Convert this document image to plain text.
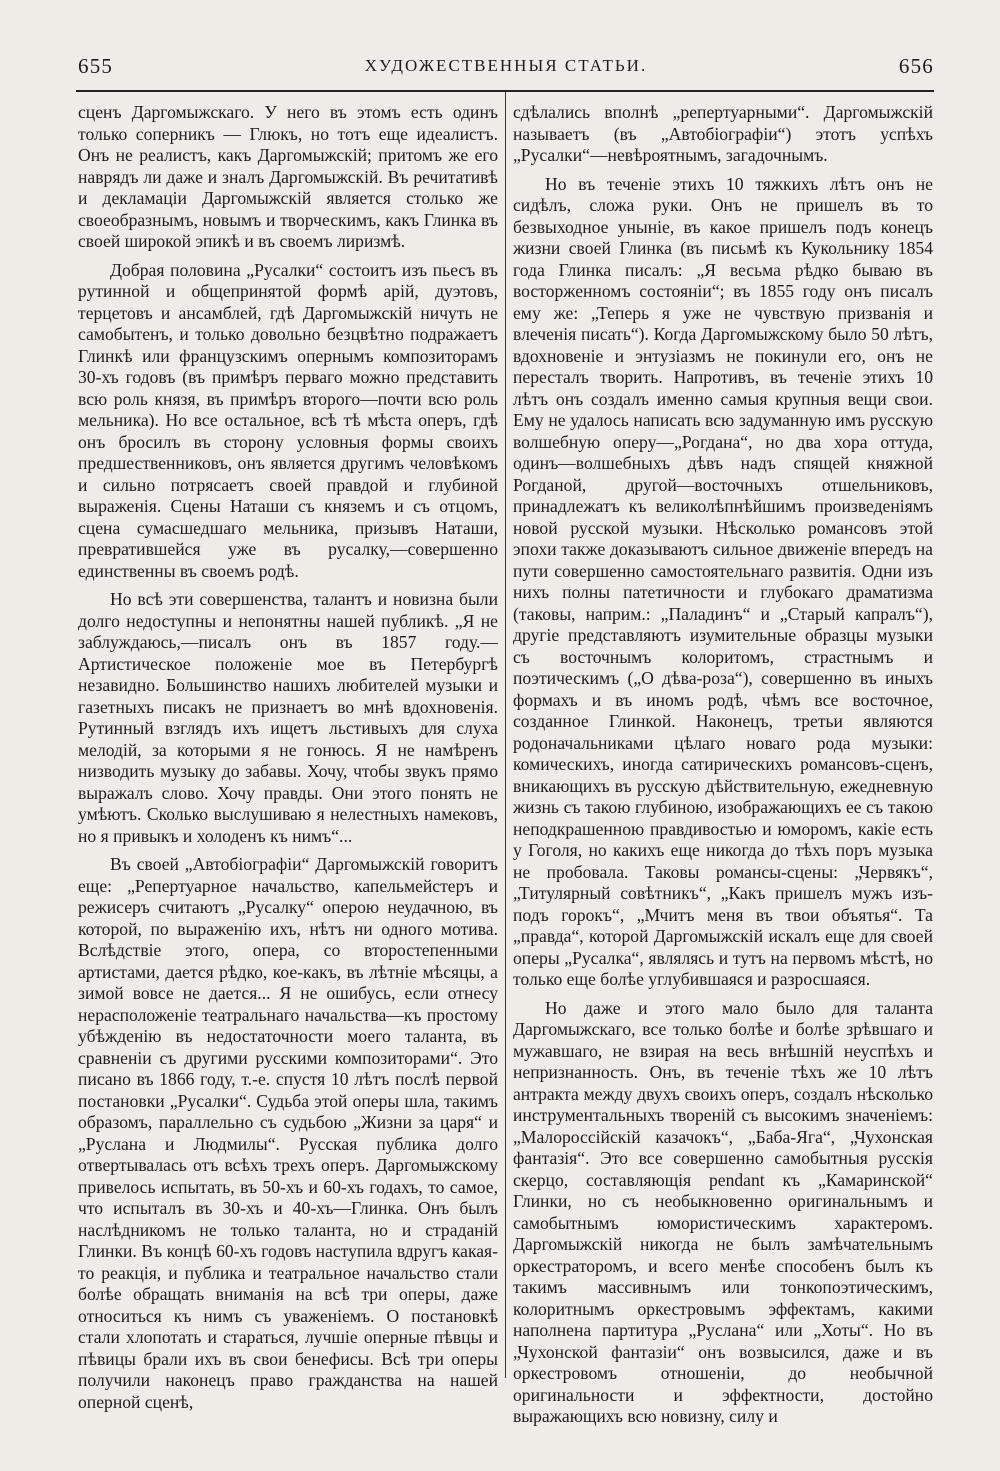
655	ХУДОЖЕСТВЕННЫЯ СТАТЬИ.	656

сценъ Даргомыжскаго. У него въ этомъ есть одинъ только соперникъ — Глюкъ, но тотъ еще идеалистъ. Онъ не реалистъ, какъ Даргомыжскій; притомъ же его наврядъ ли даже и зналъ Даргомыжскій. Въ речитативѣ и декламаціи Даргомыжскій является столько же своеобразнымъ, новымъ и творческимъ, какъ Глинка въ своей широкой эпикѣ и въ своемъ лиризмѣ.

Добрая половина „Русалки“ состоитъ изъ пьесъ въ рутинной и общепринятой формѣ арій, дуэтовъ, терцетовъ и ансамблей, гдѣ Даргомыжскій ничуть не самобытенъ, и только довольно безцвѣтно подражаетъ Глинкѣ или французскимъ опернымъ композиторамъ 30-хъ годовъ (въ примѣръ перваго можно представить всю роль князя, въ примѣръ второго—почти всю роль мельника). Но все остальное, всѣ тѣ мѣста оперъ, гдѣ онъ бросилъ въ сторону условныя формы своихъ предшественниковъ, онъ является другимъ человѣкомъ и сильно потрясаетъ своей правдой и глубиной выраженія. Сцены Наташи съ княземъ и съ отцомъ, сцена сумасшедшаго мельника, призывъ Наташи, превратившейся уже въ русалку,—совершенно единственны въ своемъ родѣ.

Но всѣ эти совершенства, талантъ и новизна были долго недоступны и непонятны нашей публикѣ. „Я не заблуждаюсь,—писалъ онъ въ 1857 году.— Артистическое положеніе мое въ Петербургѣ незавидно. Большинство нашихъ любителей музыки и газетныхъ писакъ не признаетъ во мнѣ вдохновенія. Рутинный взглядъ ихъ ищетъ льстивыхъ для слуха мелодій, за которыми я не гонюсь. Я не намѣренъ низводить музыку до забавы. Хочу, чтобы звукъ прямо выражалъ слово. Хочу правды. Они этого понять не умѣютъ. Сколько выслушиваю я нелестныхъ намековъ, но я привыкъ и холоденъ къ нимъ“...

Въ своей „Автобіографіи“ Даргомыжскій говоритъ еще: „Репертуарное начальство, капельмейстеръ и режисеръ считаютъ „Русалку“ оперою неудачною, въ которой, по выраженію ихъ, нѣтъ ни одного мотива. Вслѣдствіе этого, опера, со второстепенными артистами, дается рѣдко, кое-какъ, въ лѣтніе мѣсяцы, а зимой вовсе не дается... Я не ошибусь, если отнесу нерасположеніе театральнаго начальства—къ простому убѣжденію въ недостаточности моего таланта, въ сравненіи съ другими русскими композиторами“. Это писано въ 1866 году, т.-е. спустя 10 лѣтъ послѣ первой постановки „Русалки“. Судьба этой оперы шла, такимъ образомъ, параллельно съ судьбою „Жизни за царя“ и „Руслана и Людмилы“. Русская публика долго отвертывалась отъ всѣхъ трехъ оперъ. Даргомыжскому привелось испытать, въ 50-хъ и 60-хъ годахъ, то самое, что испыталъ въ 30-хъ и 40-хъ—Глинка. Онъ былъ наслѣдникомъ не только таланта, но и страданій Глинки. Въ концѣ 60-хъ годовъ наступила вдругъ какая-то реакція, и публика и театральное начальство стали болѣе обращать вниманія на всѣ три оперы, даже относиться къ нимъ съ уваженіемъ. О постановкѣ стали хлопотать и стараться, лучшіе оперные пѣвцы и пѣвицы брали ихъ въ свои бенефисы. Всѣ три оперы получили наконецъ право гражданства на нашей оперной сценѣ,

сдѣлались вполнѣ „репертуарными“. Даргомыжскій называетъ (въ „Автобіографіи“) этотъ успѣхъ „Русалки“—невѣроятнымъ, загадочнымъ.

Но въ теченіе этихъ 10 тяжкихъ лѣтъ онъ не сидѣлъ, сложа руки. Онъ не пришелъ въ то безвыходное уныніе, въ какое пришелъ подъ конецъ жизни своей Глинка (въ письмѣ къ Кукольнику 1854 года Глинка писалъ: „Я весьма рѣдко бываю въ восторженномъ состояніи“; въ 1855 году онъ писалъ ему же: „Теперь я уже не чувствую призванія и влеченія писать“). Когда Даргомыжскому было 50 лѣтъ, вдохновеніе и энтузіазмъ не покинули его, онъ не пересталъ творить. Напротивъ, въ теченіе этихъ 10 лѣтъ онъ создалъ именно самыя крупныя вещи свои. Ему не удалось написать всю задуманную имъ русскую волшебную оперу—„Рогдана“, но два хора оттуда, одинъ—волшебныхъ дѣвъ надъ спящей княжной Рогданой, другой—восточныхъ отшельниковъ, принадлежатъ къ великолѣпнѣйшимъ произведеніямъ новой русской музыки. Нѣсколько романсовъ этой эпохи также доказываютъ сильное движеніе впередъ на пути совершенно самостоятельнаго развитія. Одни изъ нихъ полны патетичности и глубокаго драматизма (таковы, наприм.: „Паладинъ“ и „Старый капралъ“), другіе представляютъ изумительные образцы музыки съ восточнымъ колоритомъ, страстнымъ и поэтическимъ („О дѣва-роза“), совершенно въ иныхъ формахъ и въ иномъ родѣ, чѣмъ все восточное, созданное Глинкой. Наконецъ, третьи являются родоначальниками цѣлаго новаго рода музыки: комическихъ, иногда сатирическихъ романсовъ-сценъ, вникающихъ въ русскую дѣйствительную, ежедневную жизнь съ такою глубиною, изображающихъ ее съ такою неподкрашенною правдивостью и юморомъ, какіе есть у Гоголя, но какихъ еще никогда до тѣхъ поръ музыка не пробовала. Таковы романсы-сцены: „Червякъ“, „Титулярный совѣтникъ“, „Какъ пришелъ мужъ изъ-подъ горокъ“, „Мчитъ меня въ твои объятья“. Та „правда“, которой Даргомыжскій искалъ еще для своей оперы „Русалка“, являлясь и тутъ на первомъ мѣстѣ, но только еще болѣе углубившаяся и разросшаяся.

Но даже и этого мало было для таланта Даргомыжскаго, все только болѣе и болѣе зрѣвшаго и мужавшаго, не взирая на весь внѣшній неуспѣхъ и непризнанность. Онъ, въ теченіе тѣхъ же 10 лѣтъ антракта между двухъ своихъ оперъ, создалъ нѣсколько инструментальныхъ твореній съ высокимъ значеніемъ: „Малороссійскій казачокъ“, „Баба-Яга“, „Чухонская фантазія“. Это все совершенно самобытныя русскія скерцо, составляющія pendant къ „Камаринской“ Глинки, но съ необыкновенно оригинальнымъ и самобытнымъ юмористическимъ характеромъ. Даргомыжскій никогда не былъ замѣчательнымъ оркестраторомъ, и всего менѣе способенъ былъ къ такимъ массивнымъ или тонкопоэтическимъ, колоритнымъ оркестровымъ эффектамъ, какими наполнена партитура „Руслана“ или „Хоты“. Но въ „Чухонской фантазіи“ онъ возвысился, даже и въ оркестровомъ отношеніи, до необычной оригинальности и эффектности, достойно выражающихъ всю новизну, силу и
